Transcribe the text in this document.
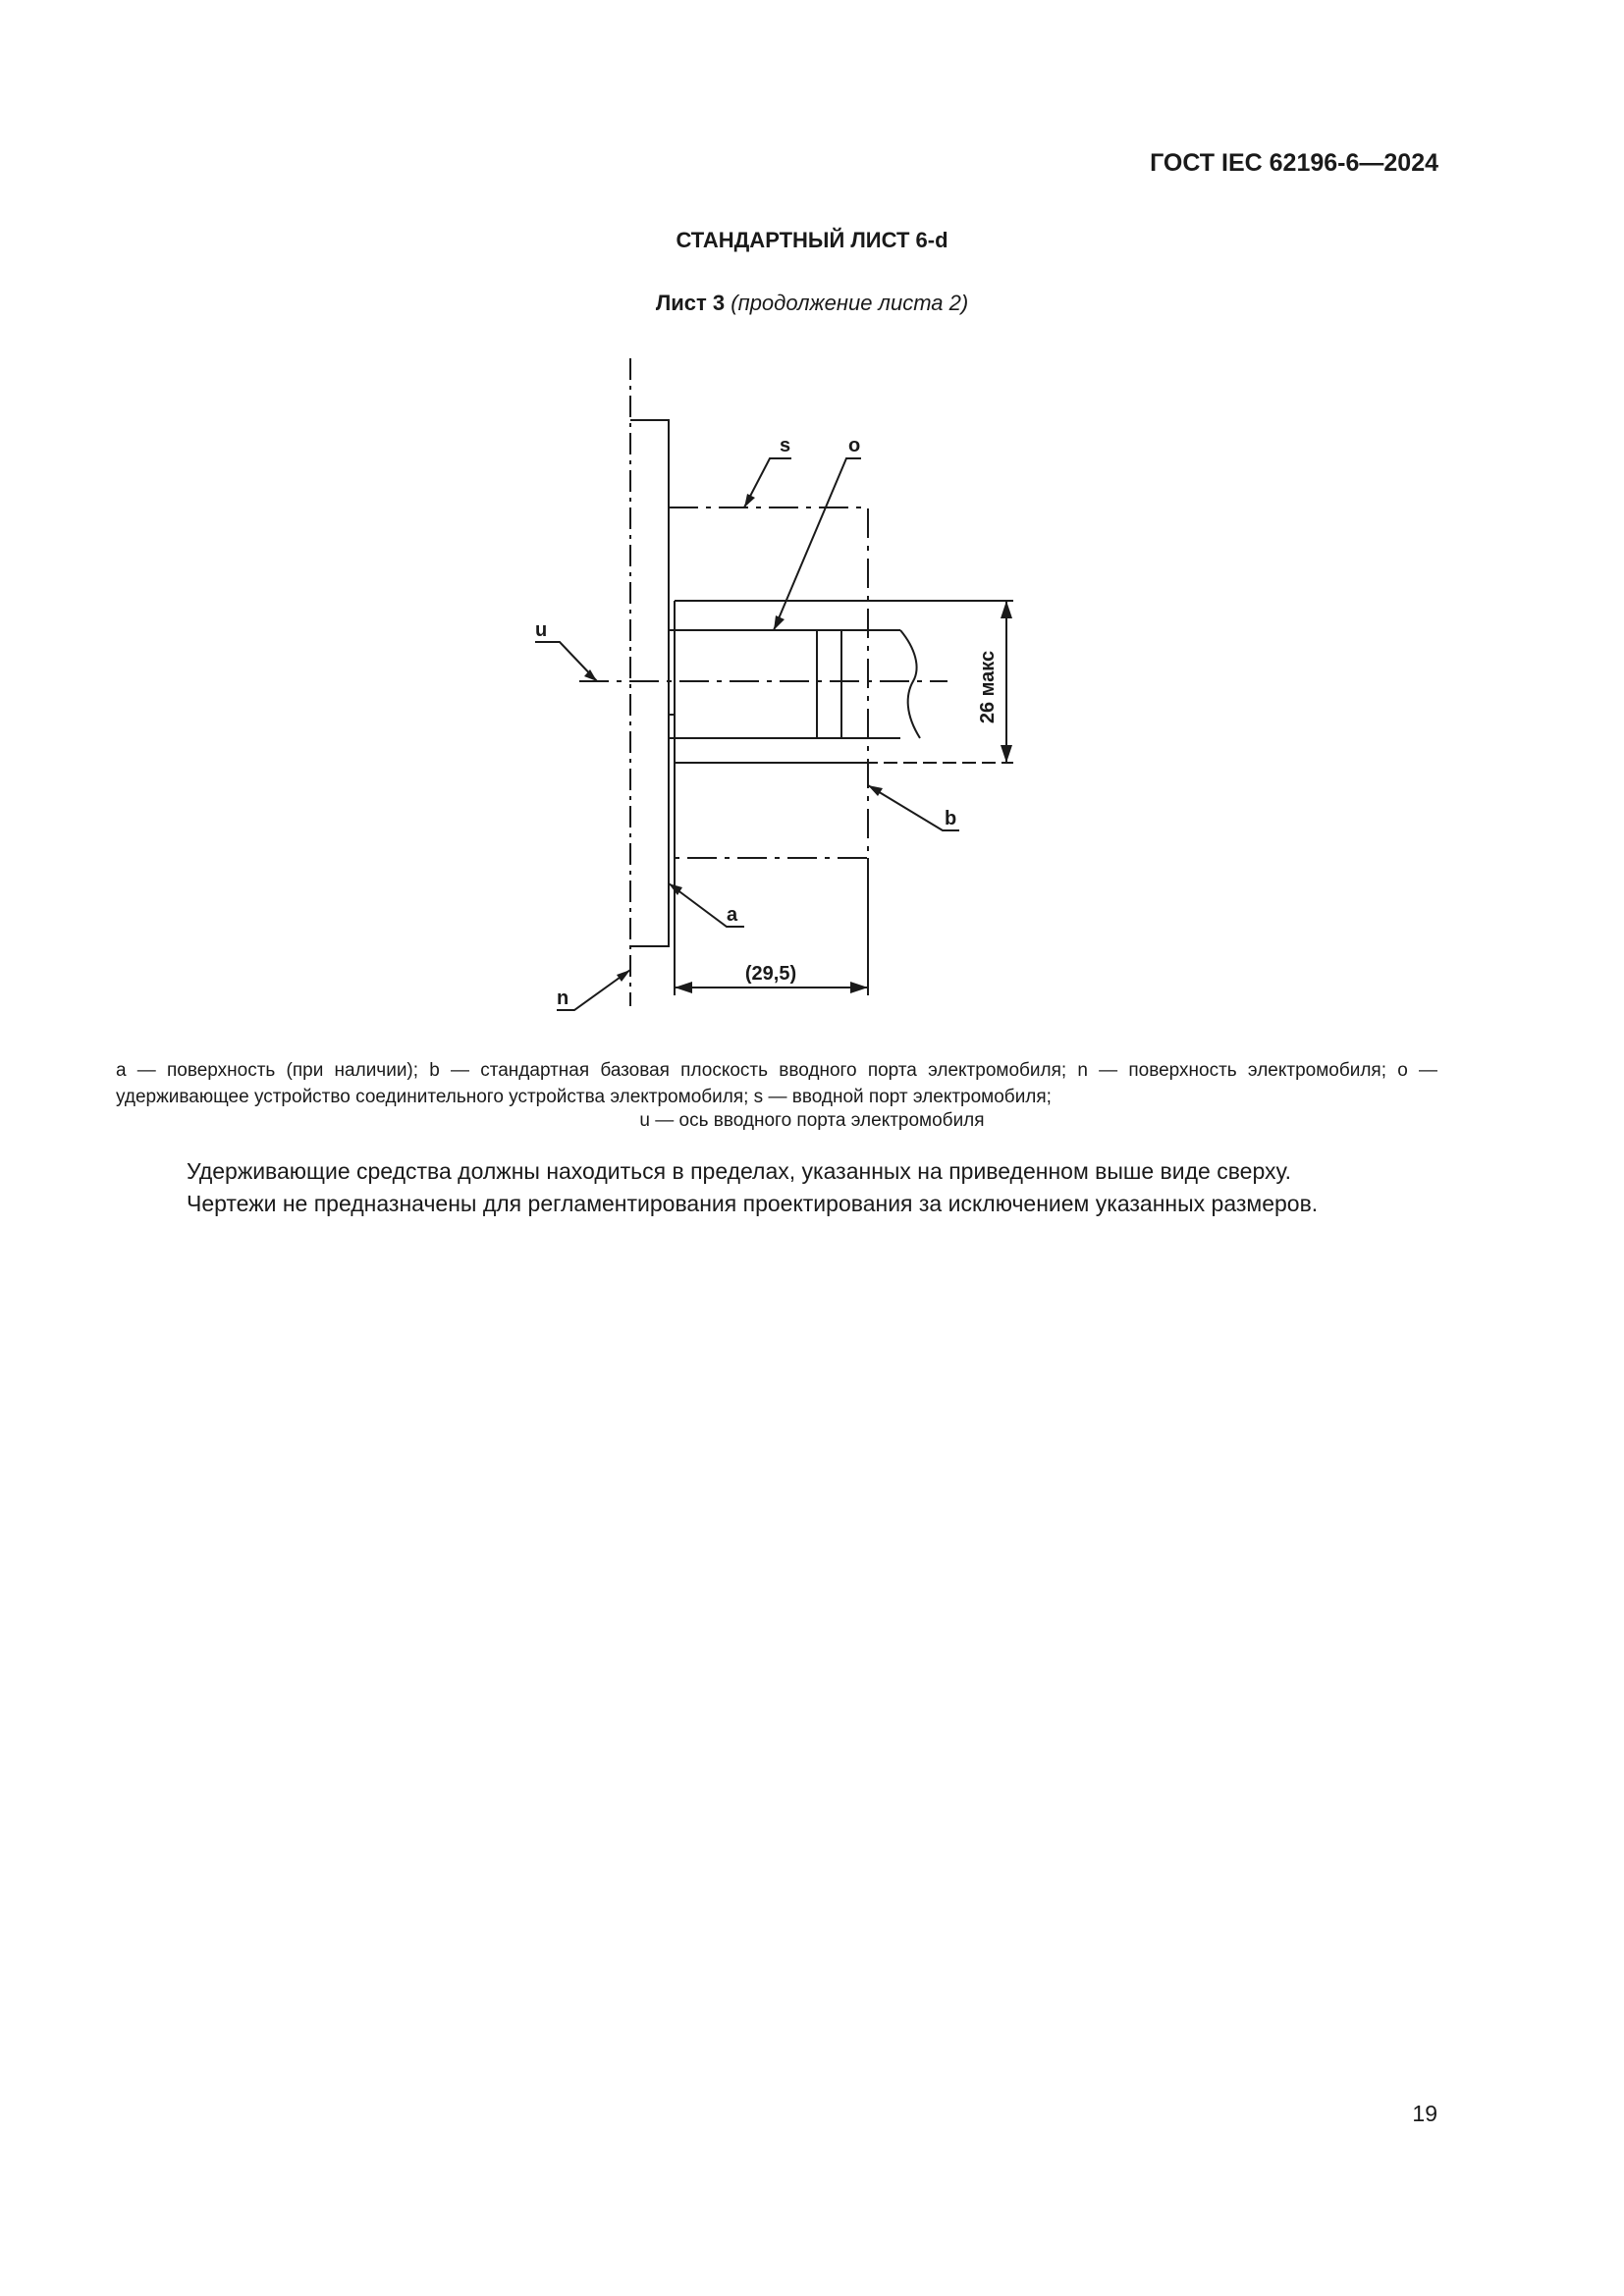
ГОСТ IEC 62196-6—2024
СТАНДАРТНЫЙ ЛИСТ 6-d
Лист 3 (продолжение листа 2)
s	o
u
b
a
n
26 макс
(29,5)
a — поверхность (при наличии); b — стандартная базовая плоскость вводного порта электромобиля; n — поверхность электромобиля; o — удерживающее устройство соединительного устройства электромобиля; s — вводной порт электромобиля;
u — ось вводного порта электромобиля
Удерживающие средства должны находиться в пределах, указанных на приведенном выше виде сверху.
Чертежи не предназначены для регламентирования проектирования за исключением указанных размеров.
19
